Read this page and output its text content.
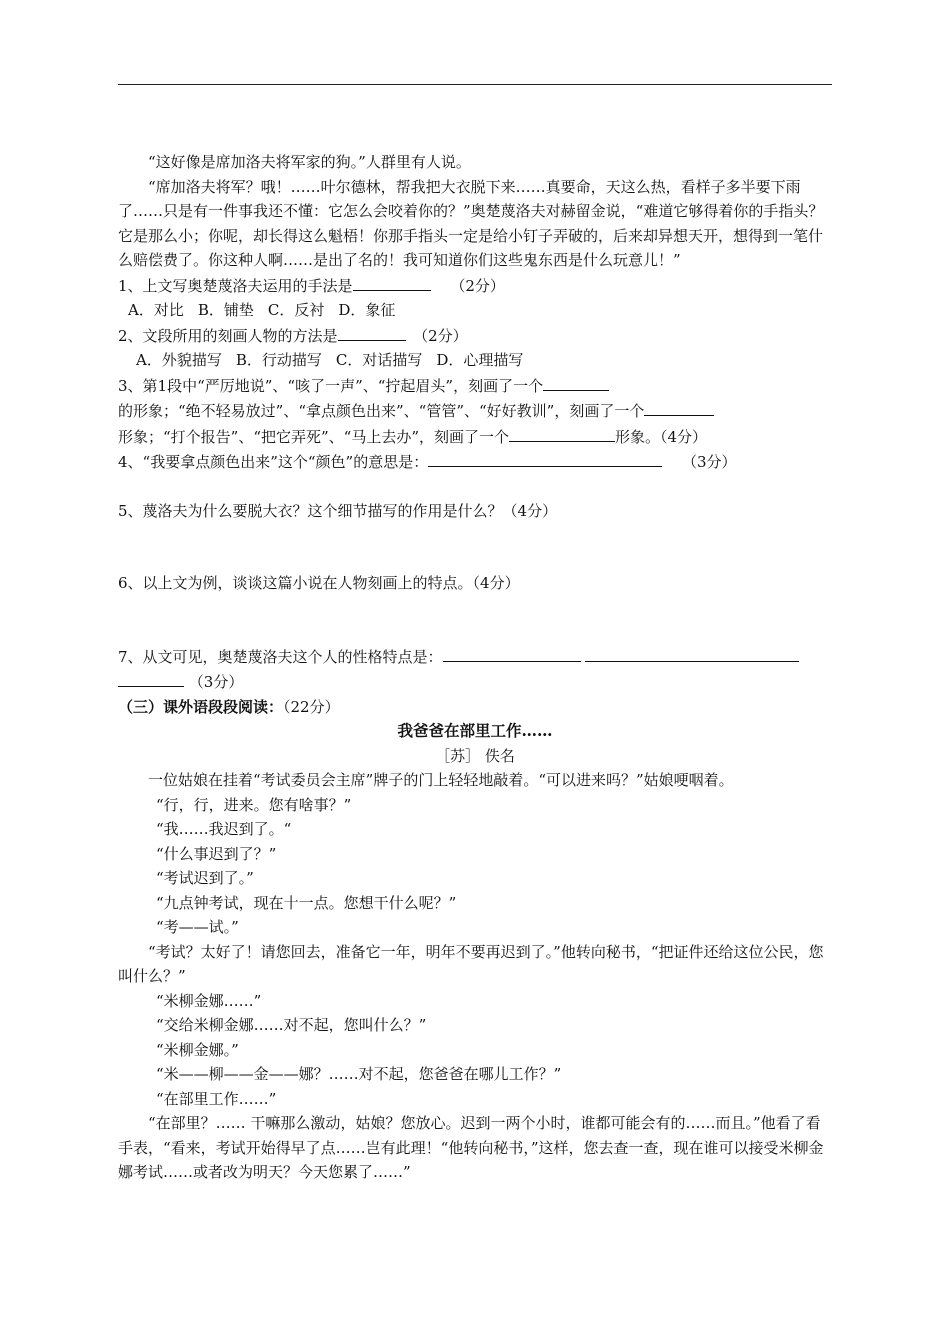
“这好像是席加洛夫将军家的狗。”人群里有人说。

“席加洛夫将军？哦！……叶尔德林，帮我把大衣脱下来……真要命，天这么热，看样子多半要下雨了……只是有一件事我还不懂：它怎么会咬着你的？”奥楚蔑洛夫对赫留金说，“难道它够得着你的手指头？它是那么小；你呢，却长得这么魁梧！你那手指头一定是给小钉子弄破的，后来却异想天开，想得到一笔什么赔偿费了。你这种人啊……是出了名的！我可知道你们这些鬼东西是什么玩意儿！”

1、上文写奥楚蔑洛夫运用的手法是　	（2分）

A．对比 B．铺垫 C．反衬 D．象征

2、文段所用的刻画人物的方法是　	（2分）

A．外貌描写 B．行动描写 C．对话描写 D．心理描写

3、第1段中“严厉地说”、“咳了一声”、“拧起眉头”，刻画了一个
的形象；“绝不轻易放过”、“拿点颜色出来”、“管管”、“好好教训”，刻画了一个
形象；“打个报告”、“把它弄死”、“马上去办”，刻画了一个	形象。（4分）

4、“我要拿点颜色出来”这个“颜色”的意思是：　	（3分）

5、蔑洛夫为什么要脱大衣？这个细节描写的作用是什么？（4分）

6、以上文为例，谈谈这篇小说在人物刻画上的特点。（4分）

7、从文可见，奥楚蔑洛夫这个人的性格特点是：
（3分）

（三）课外语段段阅读：（22分）

我爸爸在部里工作……

［苏］ 佚名

一位姑娘在挂着“考试委员会主席”牌子的门上轻轻地敲着。“可以进来吗？”姑娘哽咽着。

“行，行，进来。您有啥事？”

“我……我迟到了。“

“什么事迟到了？”

“考试迟到了。”

“九点钟考试，现在十一点。您想干什么呢？”

“考——试。”

“考试？太好了！请您回去，准备它一年，明年不要再迟到了。”他转向秘书，“把证件还给这位公民，您叫什么？”

“米柳金娜……”

“交给米柳金娜……对不起，您叫什么？”

“米柳金娜。”

“米——柳——金——娜？……对不起，您爸爸在哪儿工作？”

“在部里工作……”

“在部里？…… 干嘛那么激动，姑娘？您放心。迟到一两个小时，谁都可能会有的……而且。”他看了看手表，“看来，考试开始得早了点……岂有此理！“他转向秘书，”这样，您去查一查，现在谁可以接受米柳金娜考试……或者改为明天？今天您累了……”
